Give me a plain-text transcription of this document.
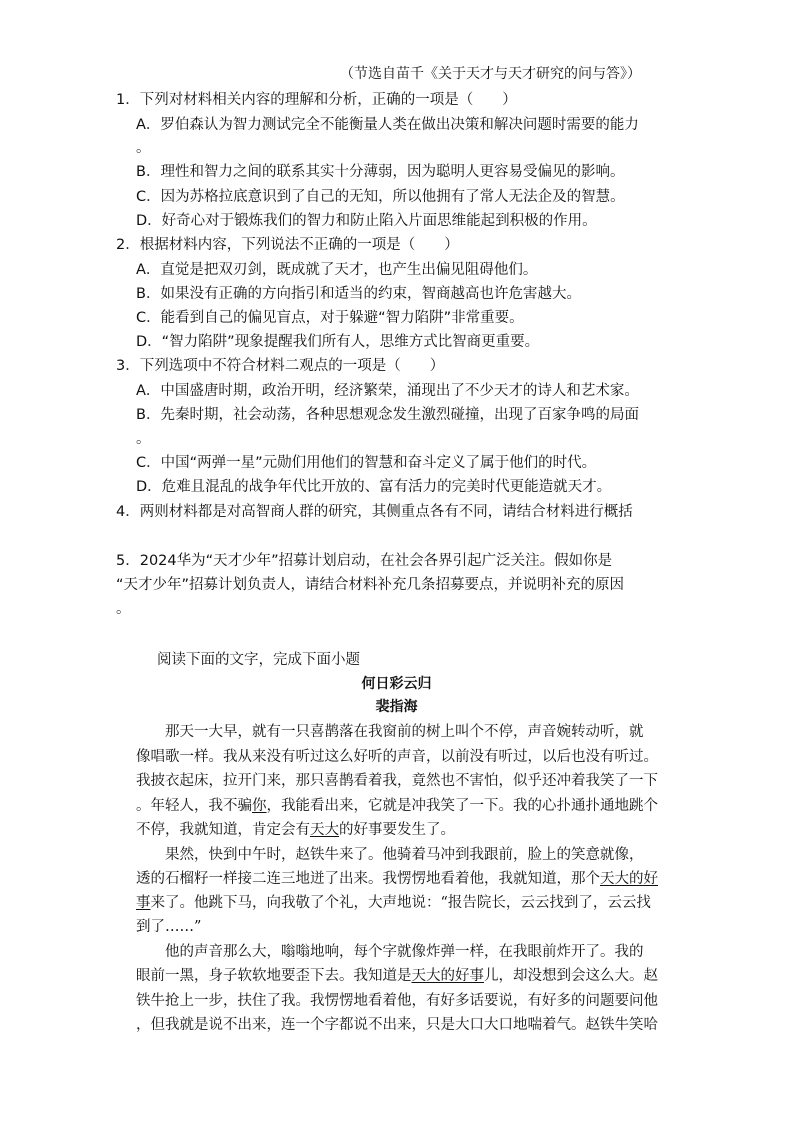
（节选自苗千《关于天才与天才研究的问与答》）
1．下列对材料相关内容的理解和分析，正确的一项是（　　）
A．罗伯森认为智力测试完全不能衡量人类在做出决策和解决问题时需要的能力
。
B．理性和智力之间的联系其实十分薄弱，因为聪明人更容易受偏见的影响。
C．因为苏格拉底意识到了自己的无知，所以他拥有了常人无法企及的智慧。
D．好奇心对于锻炼我们的智力和防止陷入片面思维能起到积极的作用。
2．根据材料内容，下列说法不正确的一项是（　　）
A．直觉是把双刃剑，既成就了天才，也产生出偏见阻碍他们。
B．如果没有正确的方向指引和适当的约束，智商越高也许危害越大。
C．能看到自己的偏见盲点，对于躲避“智力陷阱”非常重要。
D．“智力陷阱”现象提醒我们所有人，思维方式比智商更重要。
3．下列选项中不符合材料二观点的一项是（　　）
A．中国盛唐时期，政治开明，经济繁荣，涌现出了不少天才的诗人和艺术家。
B．先秦时期，社会动荡，各种思想观念发生激烈碰撞，出现了百家争鸣的局面
。
C．中国“两弹一星”元勋们用他们的智慧和奋斗定义了属于他们的时代。
D．危难且混乱的战争年代比开放的、富有活力的完美时代更能造就天才。
4．两则材料都是对高智商人群的研究，其侧重点各有不同，请结合材料进行概括
5．2024华为“天才少年”招募计划启动，在社会各界引起广泛关注。假如你是
“天才少年”招募计划负责人，请结合材料补充几条招募要点，并说明补充的原因
。
阅读下面的文字，完成下面小题
何日彩云归
裴指海
　　那天一大早，就有一只喜鹊落在我窗前的树上叫个不停，声音婉转动听，就
像唱歌一样。我从来没有听过这么好听的声音，以前没有听过，以后也没有听过。
我披衣起床，拉开门来，那只喜鹊看着我，竟然也不害怕，似乎还冲着我笑了一下
。年轻人，我不骗你，我能看出来，它就是冲我笑了一下。我的心扑通扑通地跳个
不停，我就知道，肯定会有天大的好事要发生了。
　　果然，快到中午时，赵铁牛来了。他骑着马冲到我跟前，脸上的笑意就像，
透的石榴籽一样接二连三地迸了出来。我愣愣地看着他，我就知道，那个天大的好
事来了。他跳下马，向我敬了个礼，大声地说：“报告院长，云云找到了，云云找
到了……”
　　他的声音那么大，嗡嗡地响，每个字就像炸弹一样，在我眼前炸开了。我的
眼前一黑，身子软软地要歪下去。我知道是天大的好事儿，却没想到会这么大。赵
铁牛抢上一步，扶住了我。我愣愣地看着他，有好多话要说，有好多的问题要问他
，但我就是说不出来，连一个字都说不出来，只是大口大口地喘着气。赵铁牛笑哈
